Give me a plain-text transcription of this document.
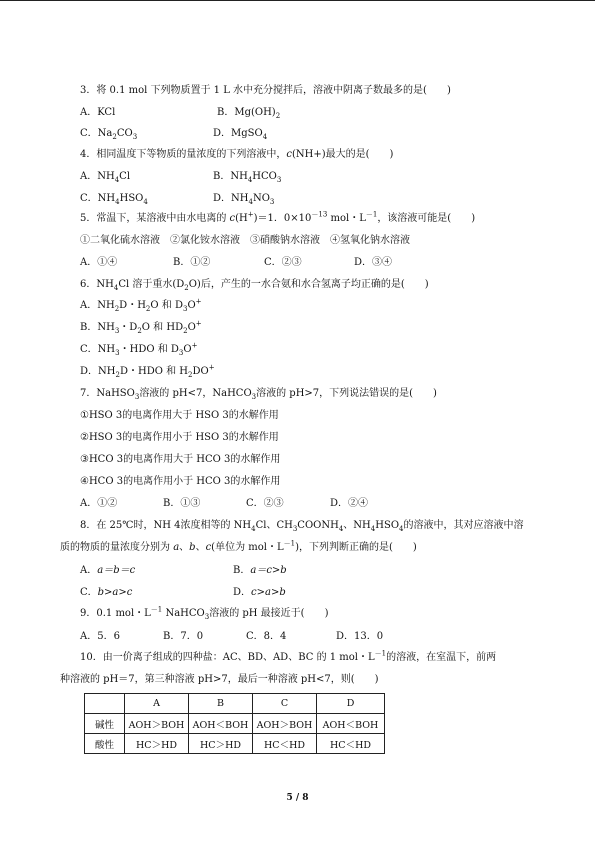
3．将 0.1 mol 下列物质置于 1 L 水中充分搅拌后，溶液中阴离子数最多的是(　　)
A．KCl	B．$Mg(OH)_2$
C．$Na_2CO_3$	D．MgSO$_4$
4．相同温度下等物质的量浓度的下列溶液中，c(NH+)最大的是(　　)
A．$NH_4Cl$	B．$NH_4HCO_3$
C．$NH_4HSO_4$	D．$NH_4NO_3$
5．常温下，某溶液中由水电离的 c(H+)＝1．$0\times 10^{-13}$ mol・$L^{-1}$，该溶液可能是(　　)
①二氧化硫水溶液　②氯化铵水溶液　③硝酸钠水溶液　④氢氧化钠水溶液
A．①④	B．①②	C．②③	D．③④
6．$NH_4Cl$ 溶于重水$(D_2O)$后，产生的一水合氨和水合氢离子均正确的是(　　)
A．$NH_2D$・$H_2O$ 和 $D_3O^+$
B．$NH_3$・$D_2O$ 和 $HD_2O^+$
C．$NH_3$・HDO 和 $D_3O^+$
D．$NH_2D$・HDO 和 $H_2DO^+$
7．NaHSO$_3$溶液的 pH<7，NaHCO$_3$溶液的 pH>7，下列说法错误的是(　　)
①HSO 3的电离作用大于 HSO 3的水解作用
②HSO 3的电离作用小于 HSO 3的水解作用
③HCO 3的电离作用大于 HCO 3的水解作用
④HCO 3的电离作用小于 HCO 3的水解作用
A．①②	B．①③	C．②③	D．②④
8．在 25℃时，NH 4浓度相等的 $NH_4Cl$、$CH_3COONH_4$、$NH_4HSO_4$的溶液中，其对应溶液中溶
质的物质的量浓度分别为 a、b、c(单位为 mol・$L^{-1}$)，下列判断正确的是(　　)
A．a＝b＝c	B．a＝c>b
C．b>a>c	D．c>a>b
9．0.1 mol・$L^{-1}$ NaHCO$_3$溶液的 pH 最接近于(　　)
A．5．6	B．7．0	C．8．4	D．13．0
10．由一价离子组成的四种盐：AC、BD、AD、BC 的 1 mol・$L^{-1}$的溶液，在室温下，前两
种溶液的 pH＝7，第三种溶液 pH>7，最后一种溶液 pH<7，则(　　)
	A	B	C	D
碱性	AOH＞BOH	AOH＜BOH	AOH＞BOH	AOH＜BOH
酸性	HC＞HD	HC＞HD	HC＜HD	HC＜HD
5 / 8
